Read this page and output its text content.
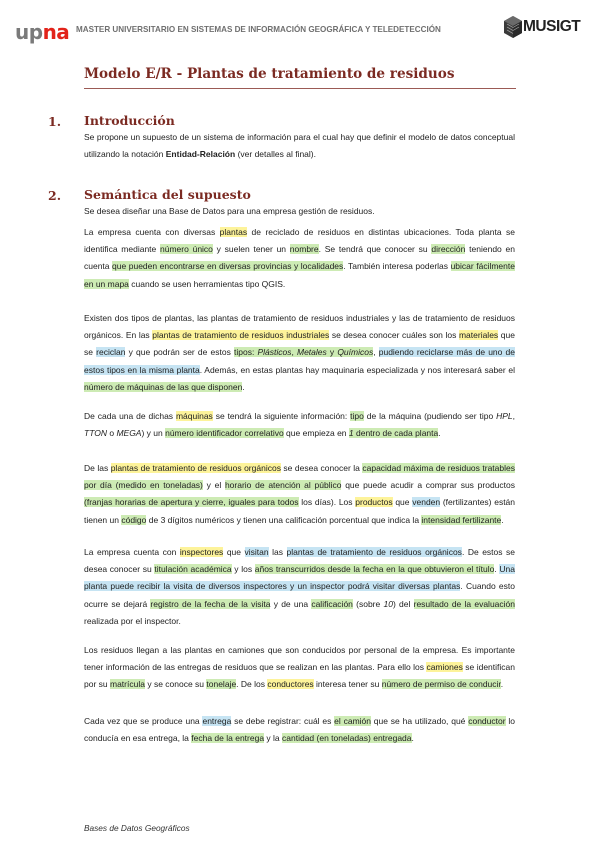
upna MASTER UNIVERSITARIO EN SISTEMAS DE INFORMACIÓN GEOGRÁFICA Y TELEDETECCIÓN	MUSIGT
Modelo E/R - Plantas de tratamiento de residuos
1. Introducción
Se propone un supuesto de un sistema de información para el cual hay que definir el modelo de datos conceptual utilizando la notación Entidad-Relación (ver detalles al final).
2. Semántica del supuesto
Se desea diseñar una Base de Datos para una empresa gestión de residuos.
La empresa cuenta con diversas plantas de reciclado de residuos en distintas ubicaciones. Toda planta se identifica mediante número único y suelen tener un nombre. Se tendrá que conocer su dirección teniendo en cuenta que pueden encontrarse en diversas provincias y localidades. También interesa poderlas ubicar fácilmente en un mapa cuando se usen herramientas tipo QGIS.
Existen dos tipos de plantas, las plantas de tratamiento de residuos industriales y las de tratamiento de residuos orgánicos. En las plantas de tratamiento de residuos industriales se desea conocer cuáles son los materiales que se reciclan y que podrán ser de estos tipos: Plásticos, Metales y Químicos, pudiendo reciclarse más de uno de estos tipos en la misma planta. Además, en estas plantas hay maquinaria especializada y nos interesará saber el número de máquinas de las que disponen.
De cada una de dichas máquinas se tendrá la siguiente información: tipo de la máquina (pudiendo ser tipo HPL, TTON o MEGA) y un número identificador correlativo que empieza en 1 dentro de cada planta.
De las plantas de tratamiento de residuos orgánicos se desea conocer la capacidad máxima de residuos tratables por día (medido en toneladas) y el horario de atención al público que puede acudir a comprar sus productos (franjas horarias de apertura y cierre, iguales para todos los días). Los productos que venden (fertilizantes) están tienen un código de 3 dígitos numéricos y tienen una calificación porcentual que indica la intensidad fertilizante.
La empresa cuenta con inspectores que visitan las plantas de tratamiento de residuos orgánicos. De estos se desea conocer su titulación académica y los años transcurridos desde la fecha en la que obtuvieron el título. Una planta puede recibir la visita de diversos inspectores y un inspector podrá visitar diversas plantas. Cuando esto ocurre se dejará registro de la fecha de la visita y de una calificación (sobre 10) del resultado de la evaluación realizada por el inspector.
Los residuos llegan a las plantas en camiones que son conducidos por personal de la empresa. Es importante tener información de las entregas de residuos que se realizan en las plantas. Para ello los camiones se identifican por su matrícula y se conoce su tonelaje. De los conductores interesa tener su número de permiso de conducir.
Cada vez que se produce una entrega se debe registrar: cuál es el camión que se ha utilizado, qué conductor lo conducía en esa entrega, la fecha de la entrega y la cantidad (en toneladas) entregada.
Bases de Datos Geográficos
